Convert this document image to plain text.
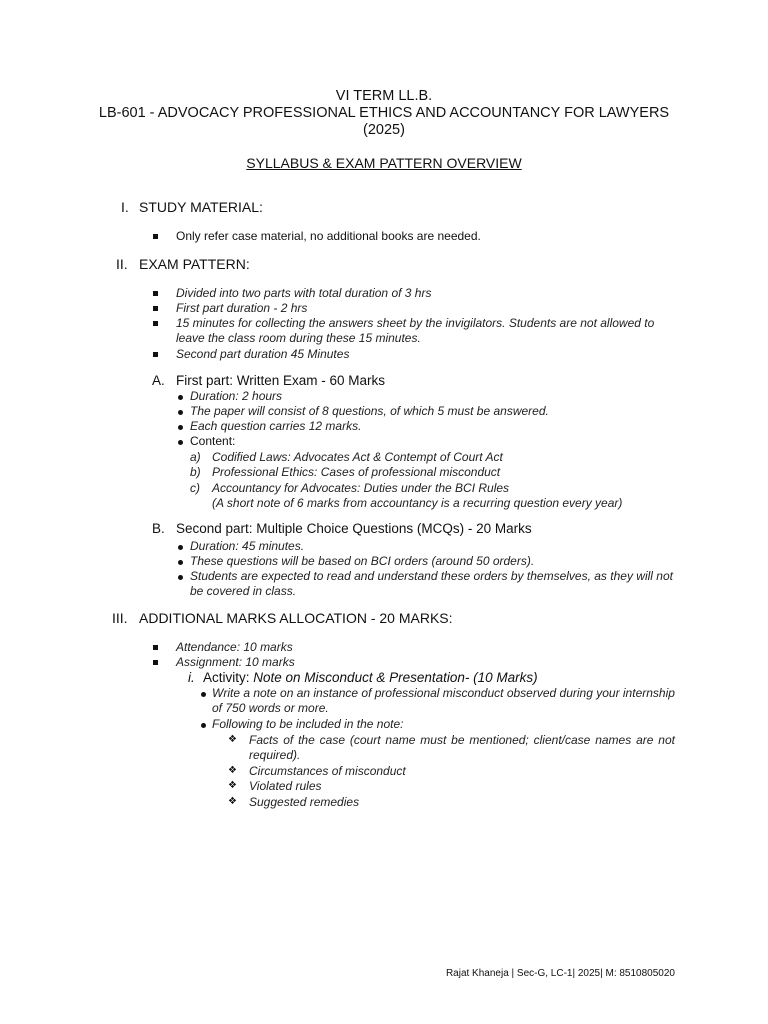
VI TERM LL.B.
LB-601 - ADVOCACY PROFESSIONAL ETHICS AND ACCOUNTANCY FOR LAWYERS
(2025)
SYLLABUS & EXAM PATTERN OVERVIEW
I. STUDY MATERIAL:
Only refer case material, no additional books are needed.
II. EXAM PATTERN:
Divided into two parts with total duration of 3 hrs
First part duration - 2 hrs
15 minutes for collecting the answers sheet by the invigilators. Students are not allowed to
leave the class room during these 15 minutes.
Second part duration 45 Minutes
A. First part: Written Exam - 60 Marks
Duration: 2 hours
The paper will consist of 8 questions, of which 5 must be answered.
Each question carries 12 marks.
Content:
a) Codified Laws: Advocates Act & Contempt of Court Act
b) Professional Ethics: Cases of professional misconduct
c) Accountancy for Advocates: Duties under the BCI Rules
(A short note of 6 marks from accountancy is a recurring question every year)
B. Second part: Multiple Choice Questions (MCQs) - 20 Marks
Duration: 45 minutes.
These questions will be based on BCI orders (around 50 orders).
Students are expected to read and understand these orders by themselves, as they will not
be covered in class.
III. ADDITIONAL MARKS ALLOCATION - 20 MARKS:
Attendance: 10 marks
Assignment: 10 marks
i. Activity: Note on Misconduct & Presentation- (10 Marks)
Write a note on an instance of professional misconduct observed during your internship
of 750 words or more.
Following to be included in the note:
❖ Facts of the case (court name must be mentioned; client/case names are not
required).
❖ Circumstances of misconduct
❖ Violated rules
❖ Suggested remedies
Rajat Khaneja | Sec-G, LC-1| 2025| M: 8510805020
